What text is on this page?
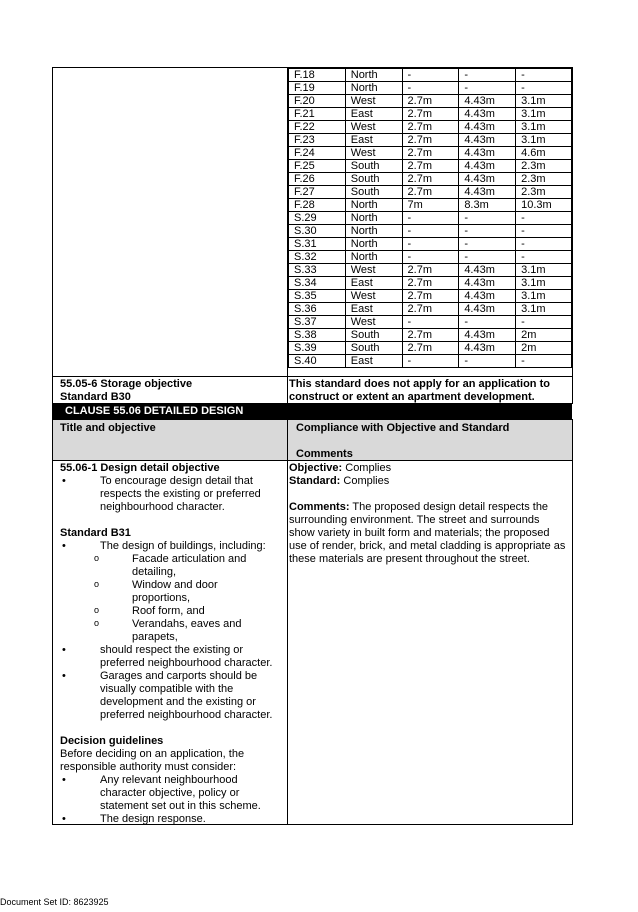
F.18	North	-	-	-
F.19	North	-	-	-
F.20	West	2.7m	4.43m	3.1m
F.21	East	2.7m	4.43m	3.1m
F.22	West	2.7m	4.43m	3.1m
F.23	East	2.7m	4.43m	3.1m
F.24	West	2.7m	4.43m	4.6m
F.25	South	2.7m	4.43m	2.3m
F.26	South	2.7m	4.43m	2.3m
F.27	South	2.7m	4.43m	2.3m
F.28	North	7m	8.3m	10.3m
S.29	North	-	-	-
S.30	North	-	-	-
S.31	North	-	-	-
S.32	North	-	-	-
S.33	West	2.7m	4.43m	3.1m
S.34	East	2.7m	4.43m	3.1m
S.35	West	2.7m	4.43m	3.1m
S.36	East	2.7m	4.43m	3.1m
S.37	West	-	-	-
S.38	South	2.7m	4.43m	2m
S.39	South	2.7m	4.43m	2m
S.40	East	-	-	-
55.05-6 Storage objective
Standard B30
This standard does not apply for an application to
construct or extent an apartment development.
CLAUSE 55.06 DETAILED DESIGN
Title and objective	Compliance with Objective and Standard
Comments
55.06-1 Design detail objective
•	To encourage design detail that
respects the existing or preferred
neighbourhood character.
Standard B31
•	The design of buildings, including:
o	Facade articulation and
detailing,
o	Window and door
proportions,
o	Roof form, and
o	Verandahs, eaves and
parapets,
•	should respect the existing or
preferred neighbourhood character.
•	Garages and carports should be
visually compatible with the
development and the existing or
preferred neighbourhood character.
Decision guidelines
Before deciding on an application, the
responsible authority must consider:
•	Any relevant neighbourhood
character objective, policy or
statement set out in this scheme.
•	The design response.
Objective: Complies
Standard: Complies
Comments: The proposed design detail respects the
surrounding environment. The street and surrounds
show variety in built form and materials; the proposed
use of render, brick, and metal cladding is appropriate as
these materials are present throughout the street.
Document Set ID: 8623925
